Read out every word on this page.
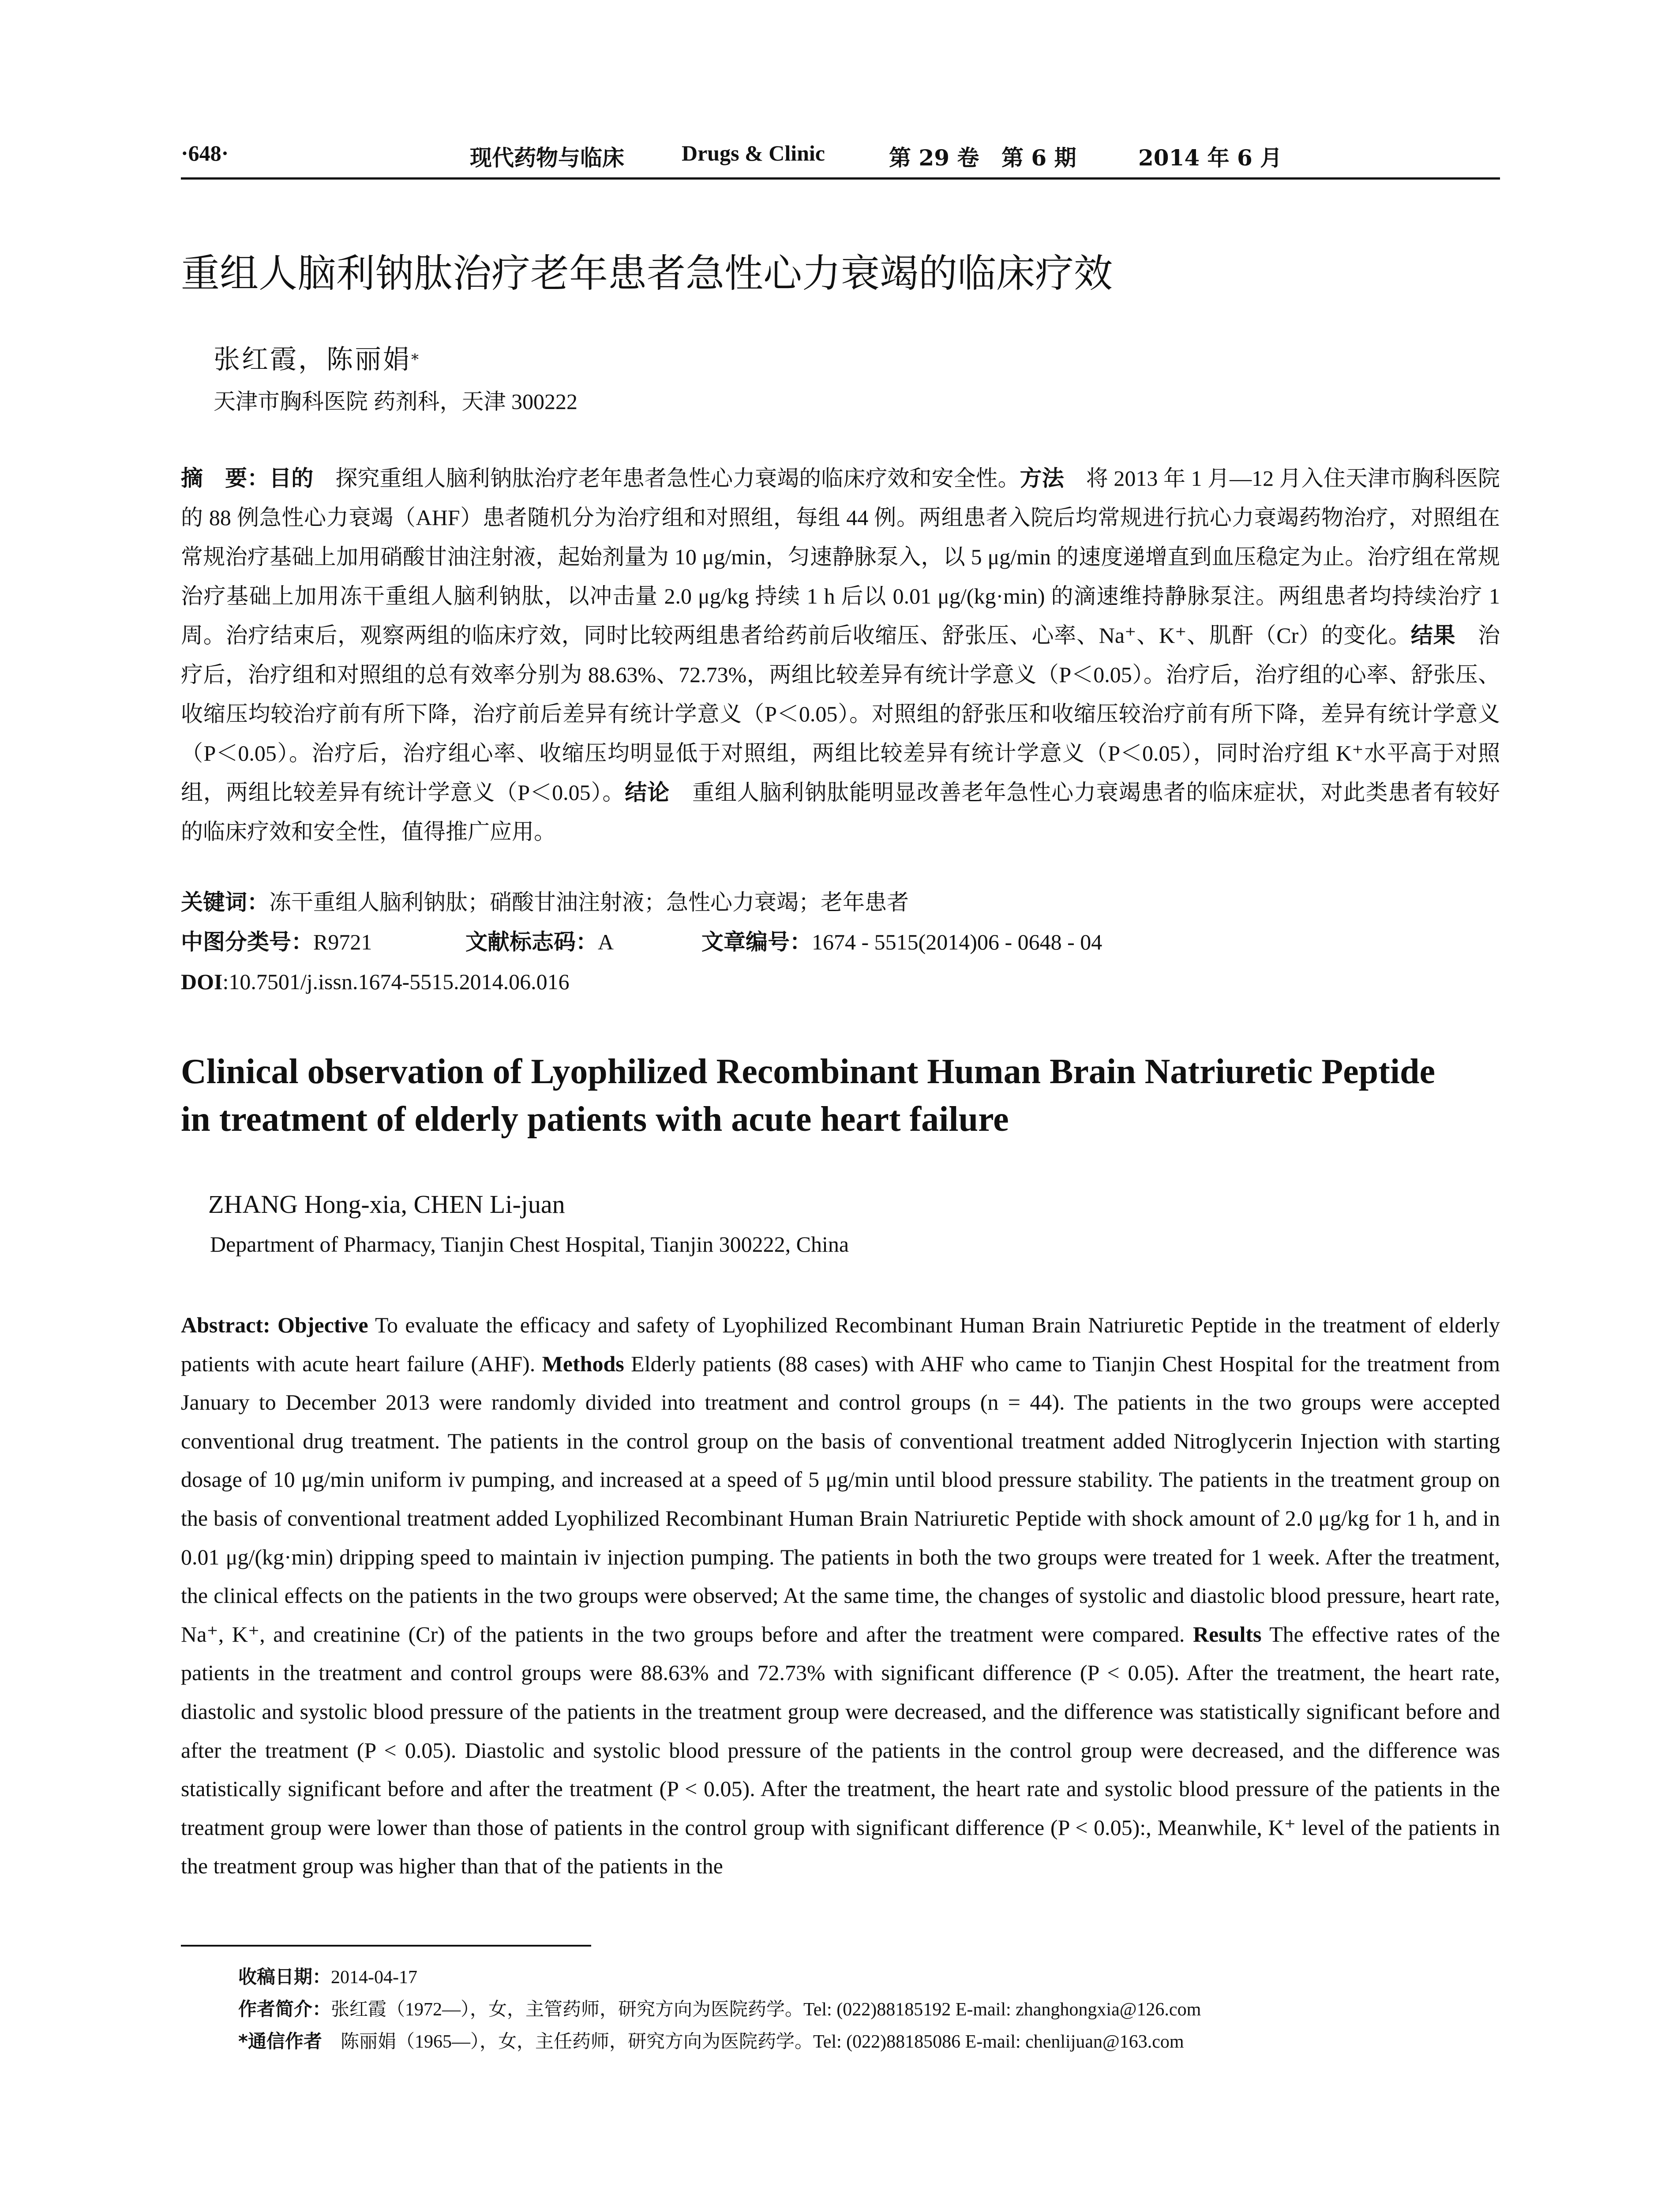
·648·	现代药物与临床	Drugs & Clinic	第 29 卷 第 6 期	2014 年 6 月
重组人脑利钠肽治疗老年患者急性心力衰竭的临床疗效
张红霞，陈丽娟*
天津市胸科医院 药剂科，天津 300222
摘　要：目的　探究重组人脑利钠肽治疗老年患者急性心力衰竭的临床疗效和安全性。方法　将 2013 年 1 月—12 月入住天津市胸科医院的 88 例急性心力衰竭（AHF）患者随机分为治疗组和对照组，每组 44 例。两组患者入院后均常规进行抗心力衰竭药物治疗，对照组在常规治疗基础上加用硝酸甘油注射液，起始剂量为 10 μg/min，匀速静脉泵入，以 5 μg/min 的速度递增直到血压稳定为止。治疗组在常规治疗基础上加用冻干重组人脑利钠肽，以冲击量 2.0 μg/kg 持续 1 h 后以 0.01 μg/(kg·min) 的滴速维持静脉泵注。两组患者均持续治疗 1 周。治疗结束后，观察两组的临床疗效，同时比较两组患者给药前后收缩压、舒张压、心率、Na⁺、K⁺、肌酐（Cr）的变化。结果　治疗后，治疗组和对照组的总有效率分别为 88.63%、72.73%，两组比较差异有统计学意义（P＜0.05）。治疗后，治疗组的心率、舒张压、收缩压均较治疗前有所下降，治疗前后差异有统计学意义（P＜0.05）。对照组的舒张压和收缩压较治疗前有所下降，差异有统计学意义（P＜0.05）。治疗后，治疗组心率、收缩压均明显低于对照组，两组比较差异有统计学意义（P＜0.05），同时治疗组 K⁺水平高于对照组，两组比较差异有统计学意义（P＜0.05）。结论　重组人脑利钠肽能明显改善老年急性心力衰竭患者的临床症状，对此类患者有较好的临床疗效和安全性，值得推广应用。
关键词：冻干重组人脑利钠肽；硝酸甘油注射液；急性心力衰竭；老年患者
中图分类号：R9721	文献标志码：A	文章编号：1674 - 5515(2014)06 - 0648 - 04
DOI:10.7501/j.issn.1674-5515.2014.06.016
Clinical observation of Lyophilized Recombinant Human Brain Natriuretic Peptide
in treatment of elderly patients with acute heart failure
ZHANG Hong-xia, CHEN Li-juan
Department of Pharmacy, Tianjin Chest Hospital, Tianjin 300222, China
Abstract: Objective To evaluate the efficacy and safety of Lyophilized Recombinant Human Brain Natriuretic Peptide in the treatment of elderly patients with acute heart failure (AHF). Methods Elderly patients (88 cases) with AHF who came to Tianjin Chest Hospital for the treatment from January to December 2013 were randomly divided into treatment and control groups (n = 44). The patients in the two groups were accepted conventional drug treatment. The patients in the control group on the basis of conventional treatment added Nitroglycerin Injection with starting dosage of 10 μg/min uniform iv pumping, and increased at a speed of 5 μg/min until blood pressure stability. The patients in the treatment group on the basis of conventional treatment added Lyophilized Recombinant Human Brain Natriuretic Peptide with shock amount of 2.0 μg/kg for 1 h, and in 0.01 μg/(kg·min) dripping speed to maintain iv injection pumping. The patients in both the two groups were treated for 1 week. After the treatment, the clinical effects on the patients in the two groups were observed; At the same time, the changes of systolic and diastolic blood pressure, heart rate, Na⁺, K⁺, and creatinine (Cr) of the patients in the two groups before and after the treatment were compared. Results The effective rates of the patients in the treatment and control groups were 88.63% and 72.73% with significant difference (P < 0.05). After the treatment, the heart rate, diastolic and systolic blood pressure of the patients in the treatment group were decreased, and the difference was statistically significant before and after the treatment (P < 0.05). Diastolic and systolic blood pressure of the patients in the control group were decreased, and the difference was statistically significant before and after the treatment (P < 0.05). After the treatment, the heart rate and systolic blood pressure of the patients in the treatment group were lower than those of patients in the control group with significant difference (P < 0.05):, Meanwhile, K⁺ level of the patients in the treatment group was higher than that of the patients in the
收稿日期：2014-04-17
作者简介：张红霞（1972—），女，主管药师，研究方向为医院药学。Tel: (022)88185192 E-mail: zhanghongxia@126.com
*通信作者　陈丽娟（1965—），女，主任药师，研究方向为医院药学。Tel: (022)88185086 E-mail: chenlijuan@163.com
